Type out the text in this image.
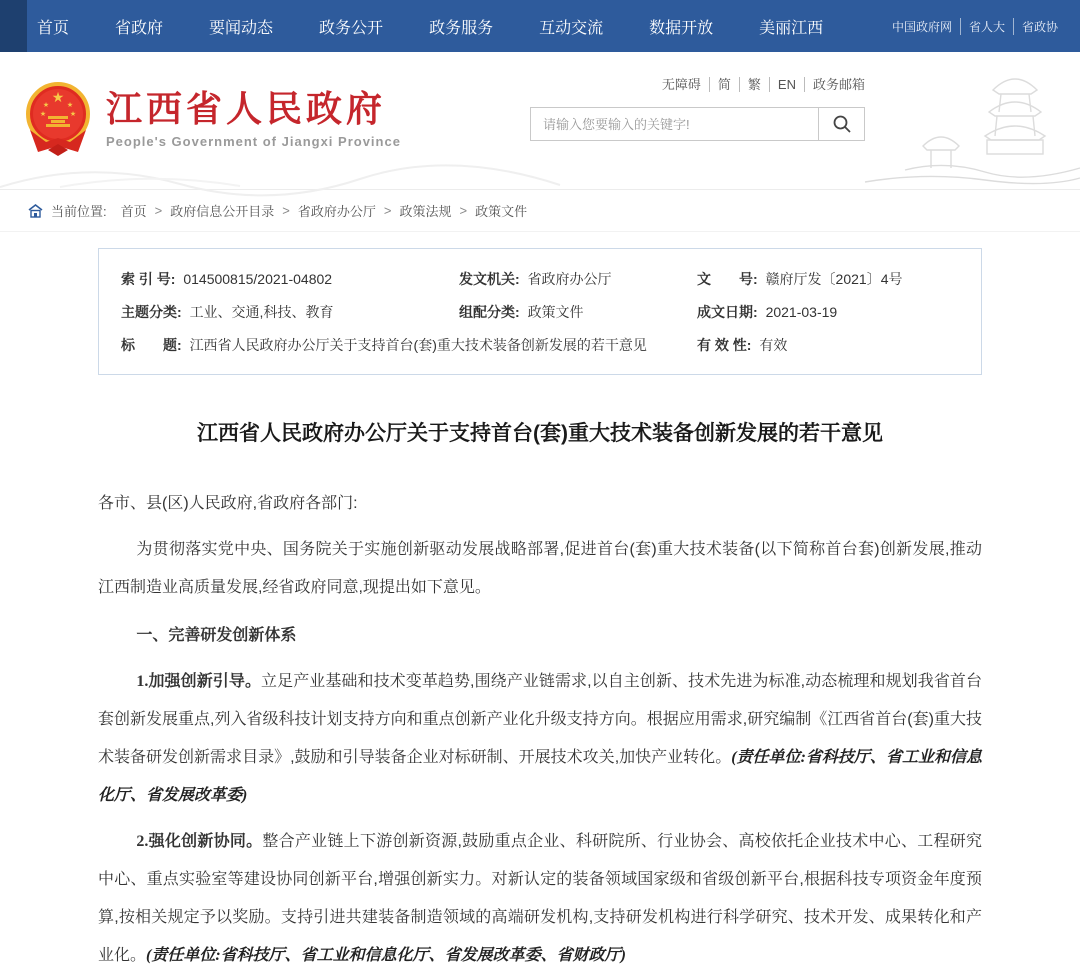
首页	省政府	要闻动态	政务公开	政务服务	互动交流	数据开放	美丽江西	中国政府网	省人大	省政协
★
★	★
★	★ 江西省人民政府
People's Government of Jiangxi Province
无障碍 简 繁 EN 政务邮箱
请输入您要输入的关键字!
当前位置: 首页 > 政府信息公开目录 > 省政府办公厅 > 政策法规 > 政策文件
索 引 号: 014500815/2021-04802	发文机关: 省政府办公厅	文　　号: 赣府厅发〔2021〕4号
主题分类: 工业、交通,科技、教育	组配分类: 政策文件	成文日期: 2021-03-19
标　　题: 江西省人民政府办公厅关于支持首台(套)重大技术装备创新发展的若干意见	有 效 性: 有效
江西省人民政府办公厅关于支持首台(套)重大技术装备创新发展的若干意见

各市、县(区)人民政府,省政府各部门:

为贯彻落实党中央、国务院关于实施创新驱动发展战略部署,促进首台(套)重大技术装备(以下简称首台套)创新发展,推动江西制造业高质量发展,经省政府同意,现提出如下意见。

一、完善研发创新体系

1.加强创新引导。立足产业基础和技术变革趋势,围绕产业链需求,以自主创新、技术先进为标准,动态梳理和规划我省首台套创新发展重点,列入省级科技计划支持方向和重点创新产业化升级支持方向。根据应用需求,研究编制《江西省首台(套)重大技术装备研发创新需求目录》,鼓励和引导装备企业对标研制、开展技术攻关,加快产业转化。(责任单位:省科技厅、省工业和信息化厅、省发展改革委)

2.强化创新协同。整合产业链上下游创新资源,鼓励重点企业、科研院所、行业协会、高校依托企业技术中心、工程研究中心、重点实验室等建设协同创新平台,增强创新实力。对新认定的装备领域国家级和省级创新平台,根据科技专项资金年度预算,按相关规定予以奖励。支持引进共建装备制造领域的高端研发机构,支持研发机构进行科学研究、技术开发、成果转化和产业化。(责任单位:省科技厅、省工业和信息化厅、省发展改革委、省财政厅)
